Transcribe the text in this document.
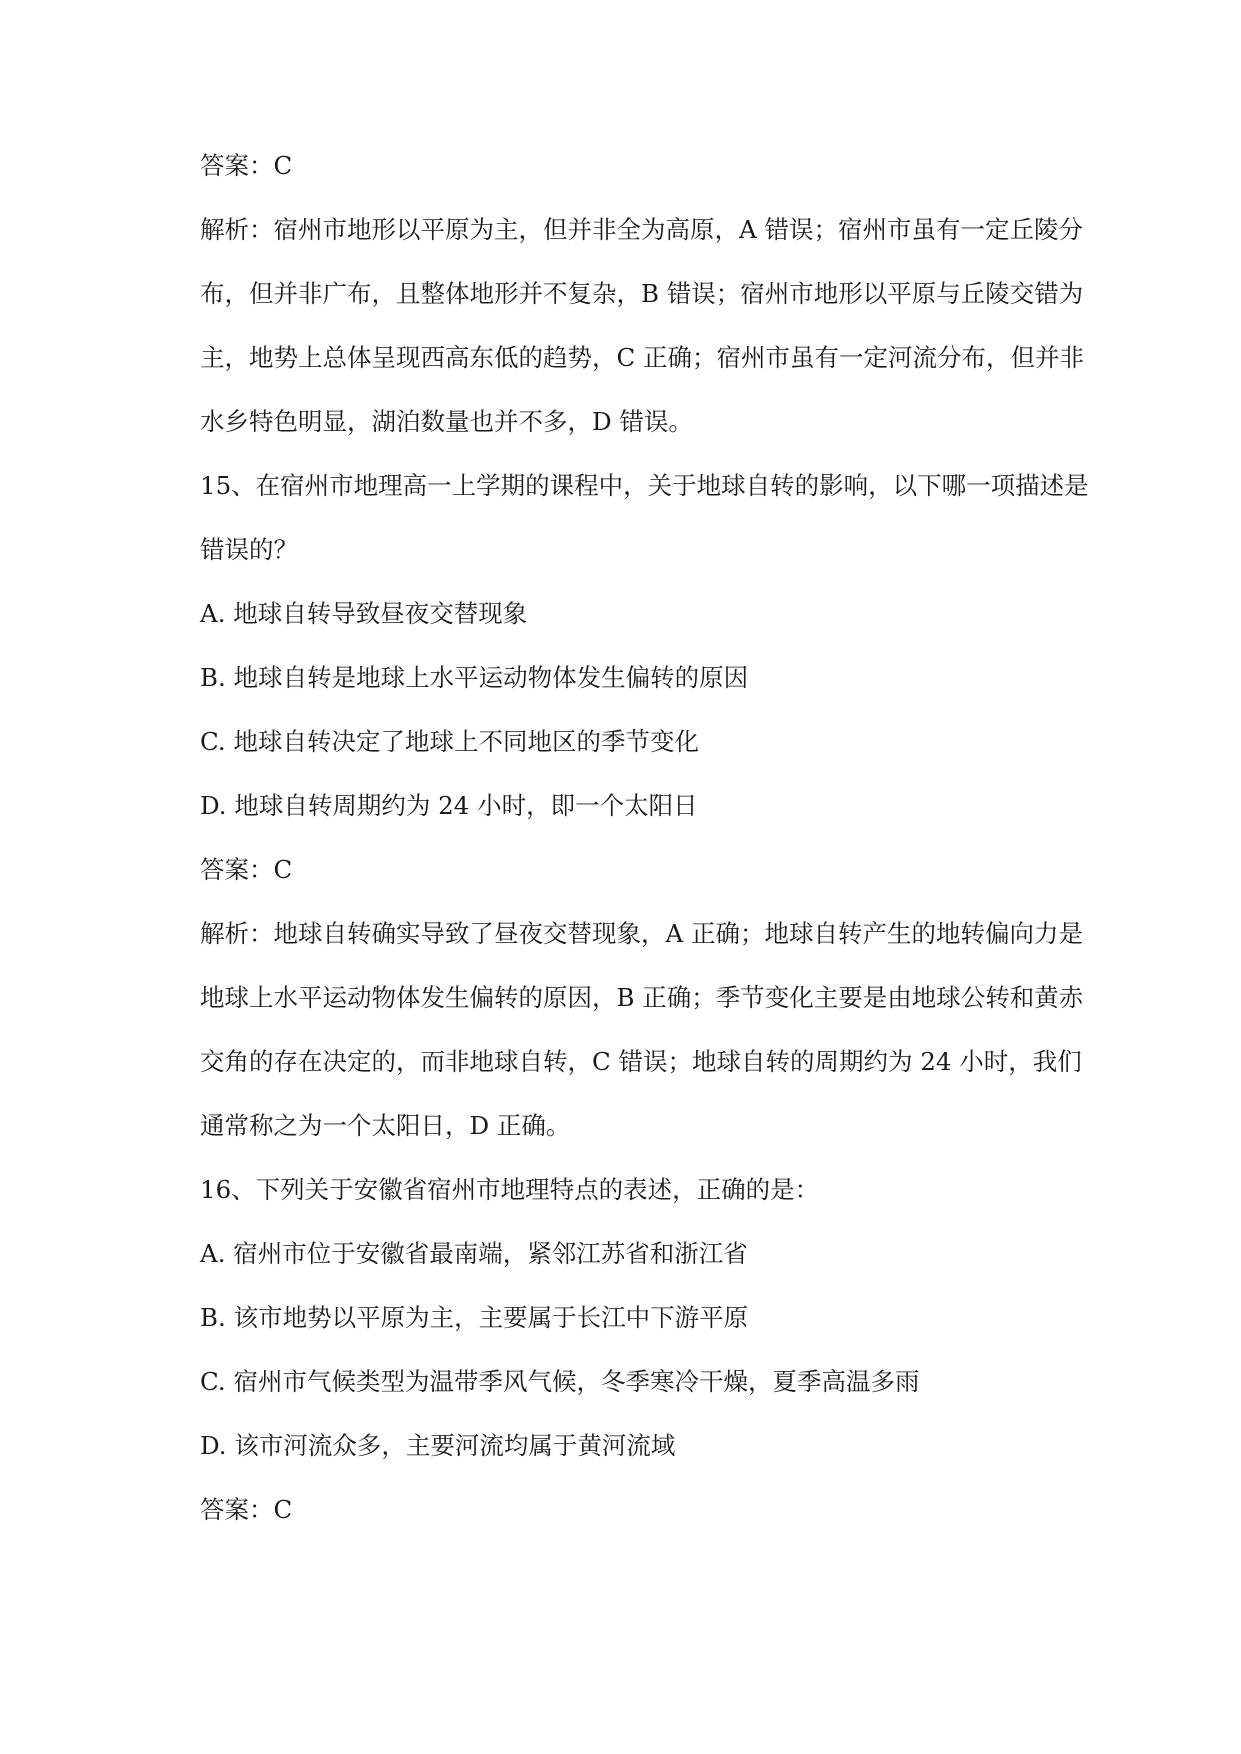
答案：C
解析：宿州市地形以平原为主，但并非全为高原，A 错误；宿州市虽有一定丘陵分
布，但并非广布，且整体地形并不复杂，B 错误；宿州市地形以平原与丘陵交错为
主，地势上总体呈现西高东低的趋势，C 正确；宿州市虽有一定河流分布，但并非
水乡特色明显，湖泊数量也并不多，D 错误。
15、在宿州市地理高一上学期的课程中，关于地球自转的影响，以下哪一项描述是
错误的？
A. 地球自转导致昼夜交替现象
B. 地球自转是地球上水平运动物体发生偏转的原因
C. 地球自转决定了地球上不同地区的季节变化
D. 地球自转周期约为 24 小时，即一个太阳日
答案：C
解析：地球自转确实导致了昼夜交替现象，A 正确；地球自转产生的地转偏向力是
地球上水平运动物体发生偏转的原因，B 正确；季节变化主要是由地球公转和黄赤
交角的存在决定的，而非地球自转，C 错误；地球自转的周期约为 24 小时，我们
通常称之为一个太阳日，D 正确。
16、下列关于安徽省宿州市地理特点的表述，正确的是：
A. 宿州市位于安徽省最南端，紧邻江苏省和浙江省
B. 该市地势以平原为主，主要属于长江中下游平原
C. 宿州市气候类型为温带季风气候，冬季寒冷干燥，夏季高温多雨
D. 该市河流众多，主要河流均属于黄河流域
答案：C
